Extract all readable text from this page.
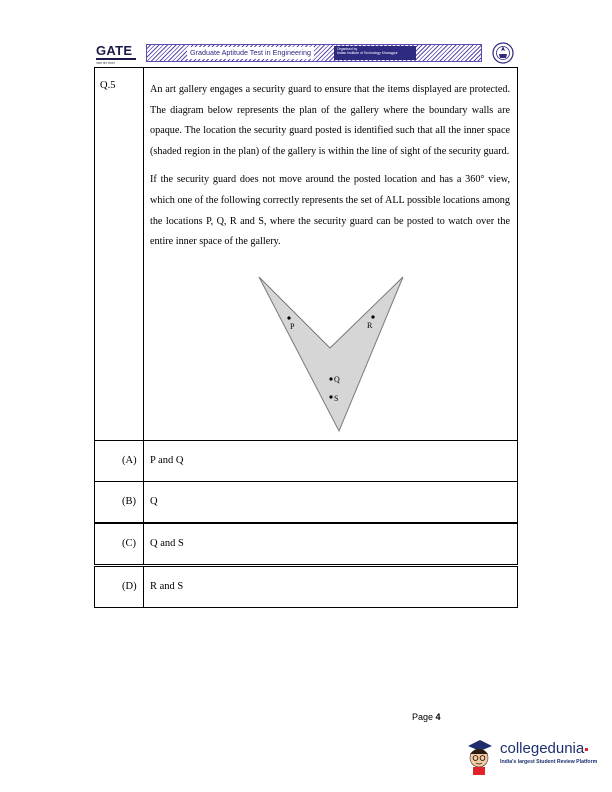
GATE
पाठ्य मान संगठन
Graduate Aptitude Test in Engineering	Organised by
Indian Institute of Technology Kharagpur
Q.5	An art gallery engages a security guard to ensure that the items displayed are protected. The diagram below represents the plan of the gallery where the boundary walls are opaque. The location the security guard posted is identified such that all the inner space (shaded region in the plan) of the gallery is within the line of sight of the security guard.

If the security guard does not move around the posted location and has a 360° view, which one of the following correctly represents the set of ALL possible locations among the locations P, Q, R and S, where the security guard can be posted to watch over the entire inner space of the gallery.

P	R
Q
S
(A) P and Q
(B) Q
(C) Q and S
(D) R and S
Page 4
collegedunia
India's largest Student Review Platform
